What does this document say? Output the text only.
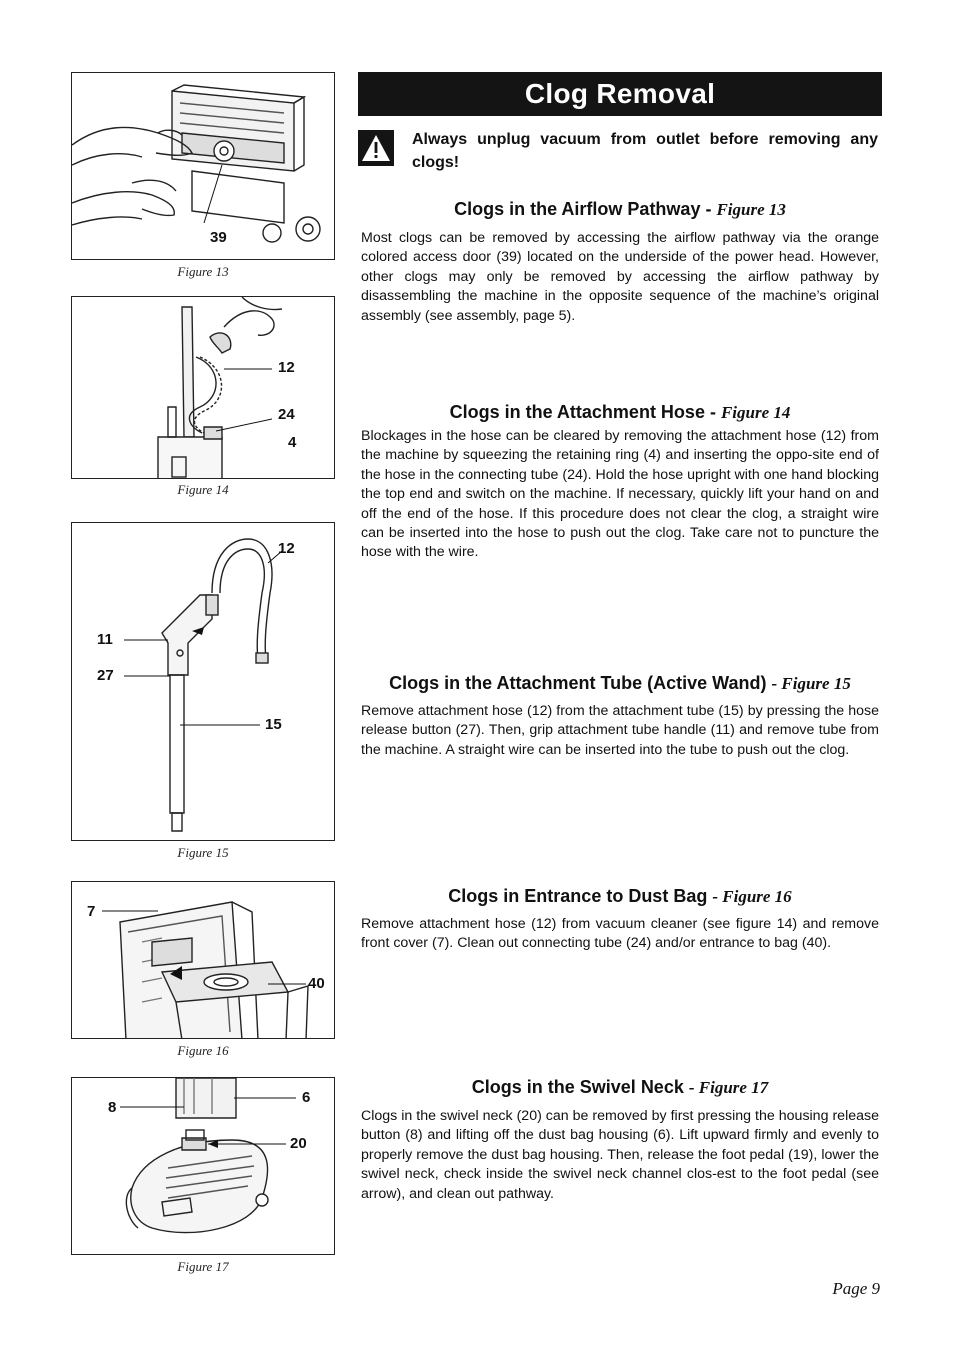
39
Figure 13
12
24
4
Figure 14
12
11
27
15
Figure 15
7
40
Figure 16
8
6
20
Figure 17
Clog Removal
Always unplug vacuum from outlet before removing any clogs!
Clogs in the Airflow Pathway - Figure 13

Most clogs can be removed by accessing the airflow pathway via the orange colored access door (39) located on the underside of the power head. However, other clogs may only be removed by accessing the airflow pathway by disassembling the machine in the opposite sequence of the machine’s original assembly (see assembly, page 5).

Clogs in the Attachment Hose - Figure 14

Blockages in the hose can be cleared by removing the attachment hose (12) from the machine by squeezing the retaining ring (4) and inserting the oppo-site end of the hose in the connecting tube (24). Hold the hose upright with one hand blocking the top end and switch on the machine. If necessary, quickly lift your hand on and off the end of the hose. If this procedure does not clear the clog, a straight wire can be inserted into the hose to push out the clog. Take care not to puncture the hose with the wire.

Clogs in the Attachment Tube (Active Wand) - Figure 15

Remove attachment hose (12) from the attachment tube (15) by pressing the hose release button (27). Then, grip attachment tube handle (11) and remove tube from the machine. A straight wire can be inserted into the tube to push out the clog.

Clogs in Entrance to Dust Bag - Figure 16

Remove attachment hose (12) from vacuum cleaner (see figure 14) and remove front cover (7). Clean out connecting tube (24) and/or entrance to bag (40).

Clogs in the Swivel Neck - Figure 17

Clogs in the swivel neck (20) can be removed by first pressing the housing release button (8) and lifting off the dust bag housing (6). Lift upward firmly and evenly to properly remove the dust bag housing. Then, release the foot pedal (19), lower the swivel neck, check inside the swivel neck channel clos-est to the foot pedal (see arrow), and clean out pathway.

Page 9
